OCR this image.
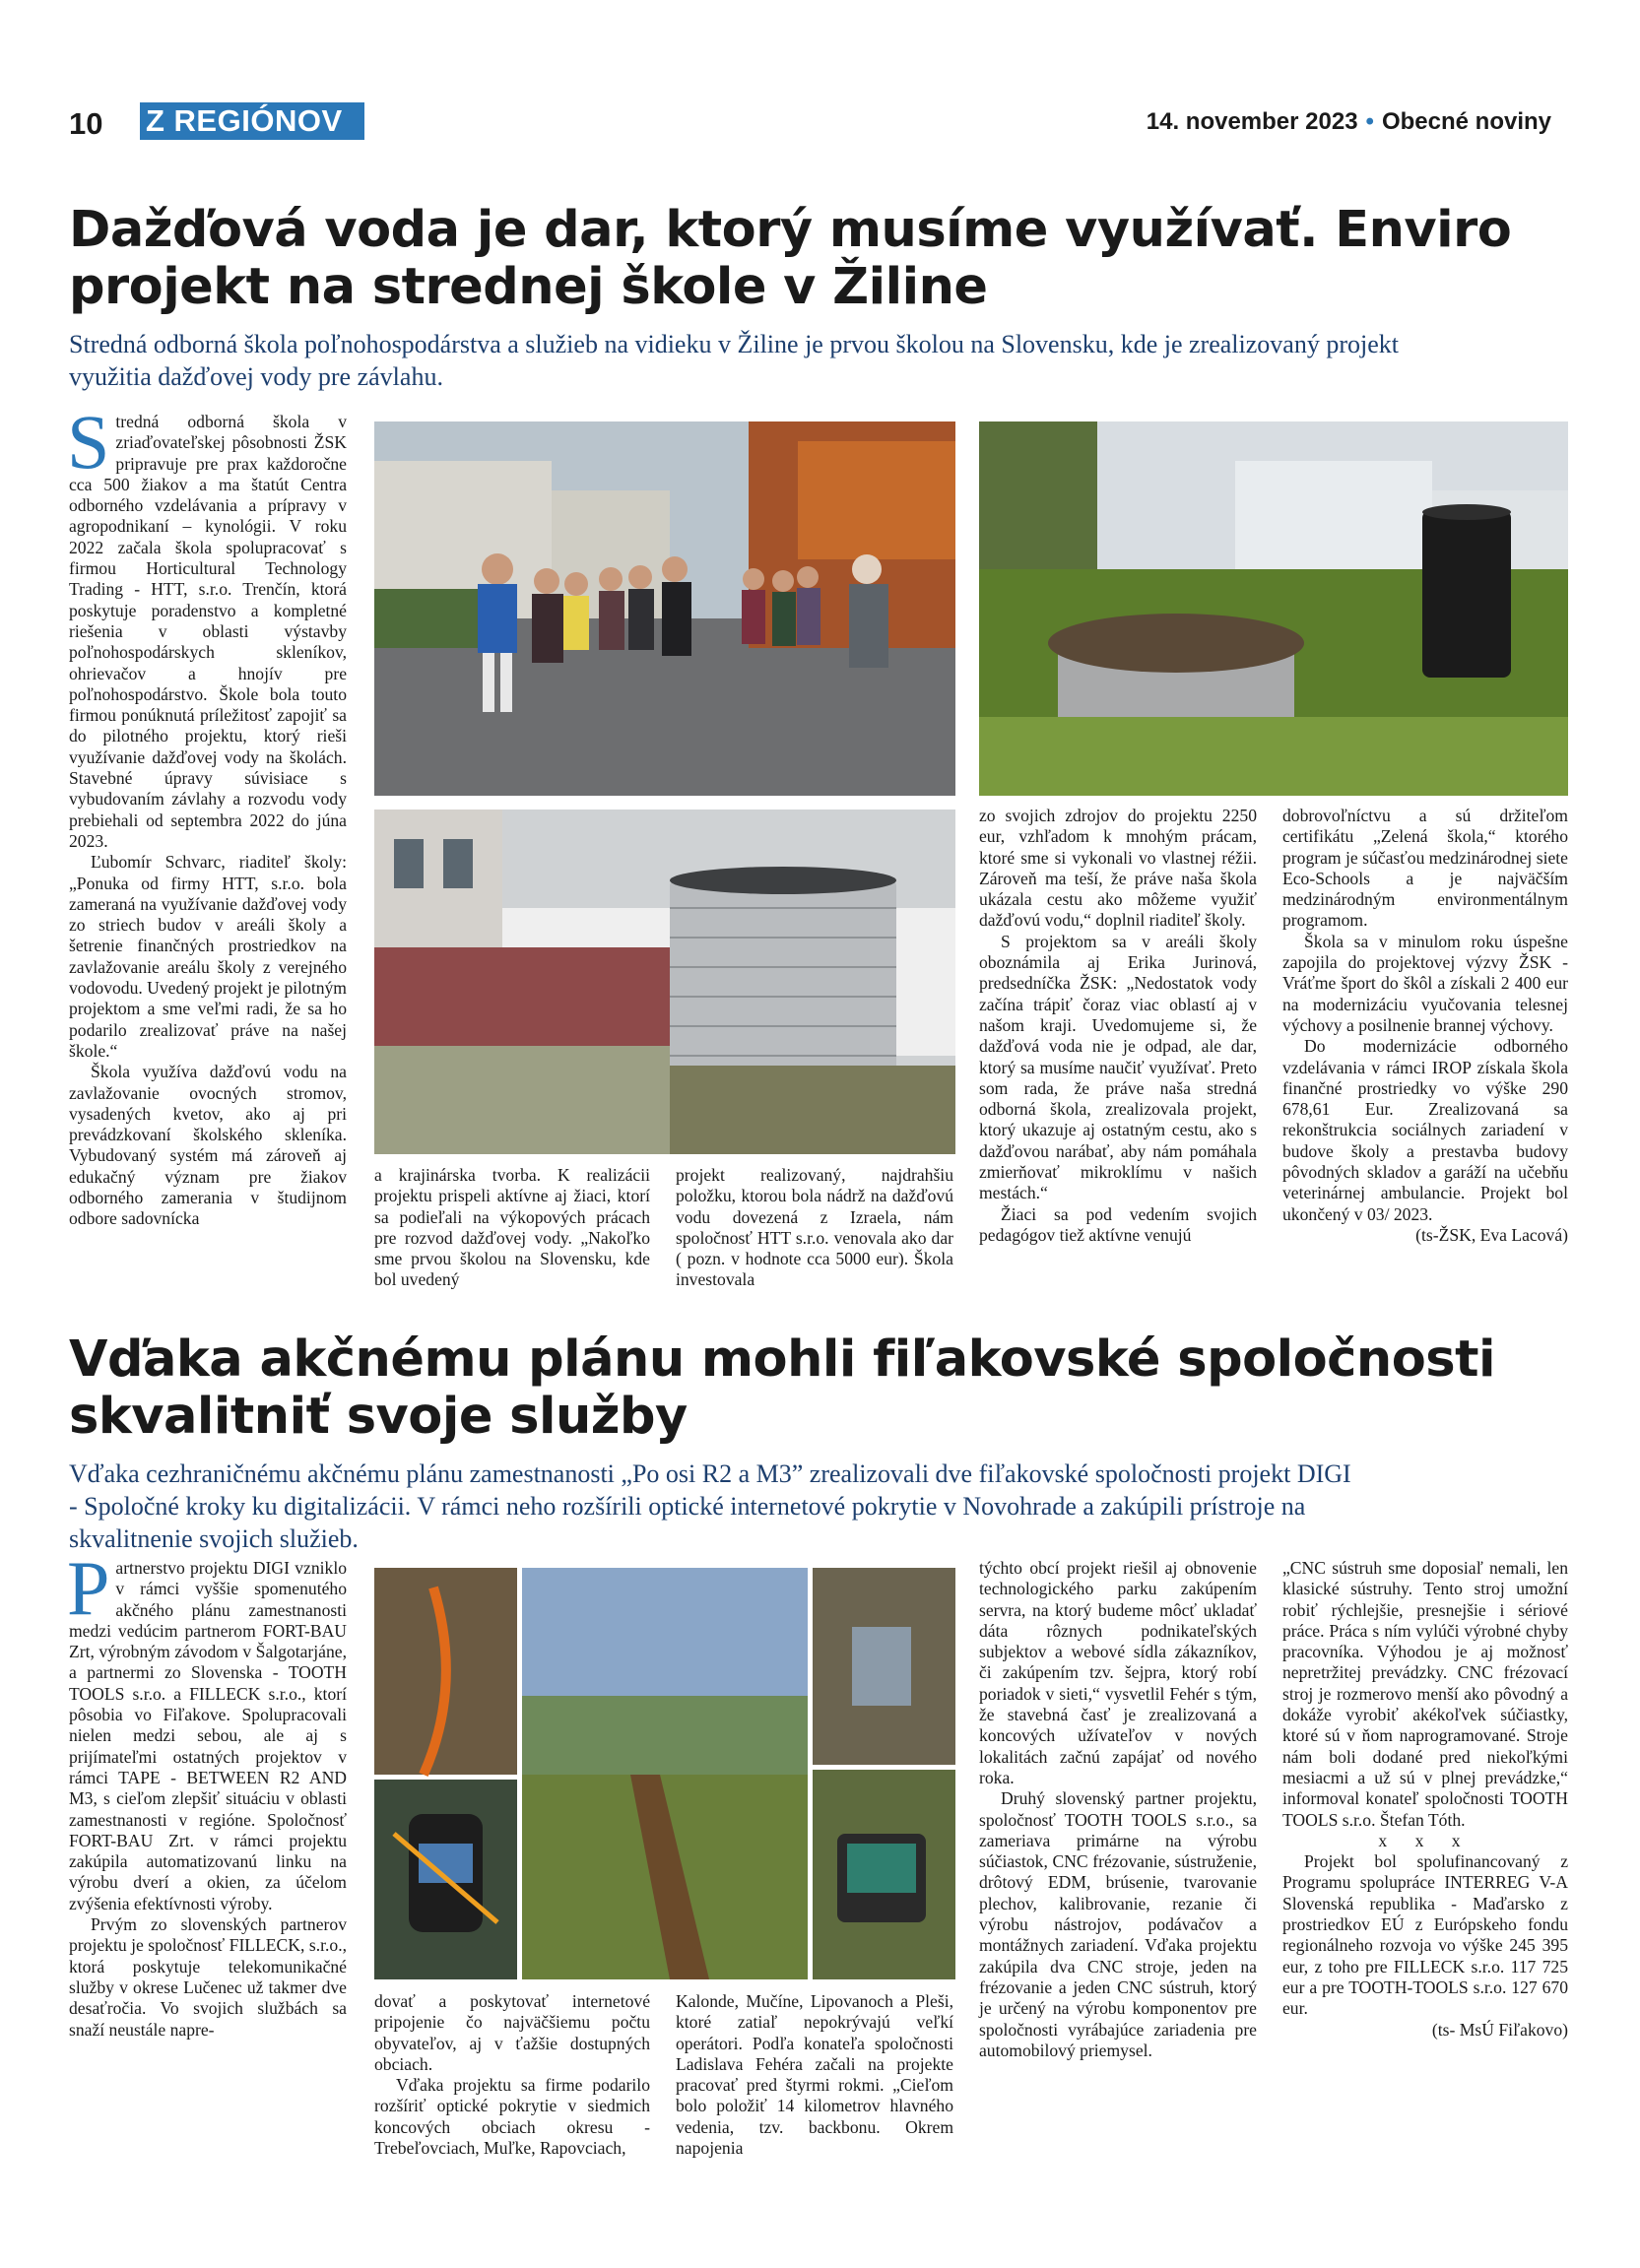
10 Z REGIÓNOV	14. november 2023 • Obecné noviny
Dažďová voda je dar, ktorý musíme využívať. Enviro
projekt na strednej škole v Žiline
Stredná odborná škola poľnohospodárstva a služieb na vidieku v Žiline je prvou školou na Slovensku, kde je zrealizovaný projekt
využitia dažďovej vody pre závlahu.

Stredná odborná škola v zriaďovateľskej pôsobnosti ŽSK pripravuje pre prax každoročne cca 500 žiakov a ma štatút Centra odborného vzdelávania a prípravy v agropodnikaní – kynológii. V roku 2022 začala škola spolupracovať s firmou Horticultural Technology Trading - HTT, s.r.o. Trenčín, ktorá poskytuje poradenstvo a kompletné riešenia v oblasti výstavby poľnohospodárskych skleníkov, ohrievačov a hnojív pre poľnohospodárstvo. Škole bola touto firmou ponúknutá príležitosť zapojiť sa do pilotného projektu, ktorý rieši využívanie dažďovej vody na školách. Stavebné úpravy súvisiace s vybudovaním závlahy a rozvodu vody prebiehali od septembra 2022 do júna 2023.

Ľubomír Schvarc, riaditeľ školy: „Ponuka od firmy HTT, s.r.o. bola zameraná na využívanie dažďovej vody zo striech budov v areáli školy a šetrenie finančných prostriedkov na zavlažovanie areálu školy z verejného vodovodu. Uvedený projekt je pilotným projektom a sme veľmi radi, že sa ho podarilo zrealizovať práve na našej škole.“

Škola využíva dažďovú vodu na zavlažovanie ovocných stromov, vysadených kvetov, ako aj pri prevádzkovaní školského skleníka. Vybudovaný systém má zároveň aj edukačný význam pre žiakov odborného zamerania v študijnom odbore sadovnícka

a krajinárska tvorba. K realizácii projektu prispeli aktívne aj žiaci, ktorí sa podieľali na výkopových prácach pre rozvod dažďovej vody. „Nakoľko sme prvou školou na Slovensku, kde bol uvedený

projekt realizovaný, najdrahšiu položku, ktorou bola nádrž na dažďovú vodu dovezená z Izraela, nám spoločnosť HTT s.r.o. venovala ako dar ( pozn. v hodnote cca 5000 eur). Škola investovala

zo svojich zdrojov do projektu 2250 eur, vzhľadom k mnohým prácam, ktoré sme si vykonali vo vlastnej réžii. Zároveň ma teší, že práve naša škola ukázala cestu ako môžeme využiť dažďovú vodu,“ doplnil riaditeľ školy.

S projektom sa v areáli školy oboznámila aj Erika Jurinová, predsedníčka ŽSK: „Nedostatok vody začína trápiť čoraz viac oblastí aj v našom kraji. Uvedomujeme si, že dažďová voda nie je odpad, ale dar, ktorý sa musíme naučiť využívať. Preto som rada, že práve naša stredná odborná škola, zrealizovala projekt, ktorý ukazuje aj ostatným cestu, ako s dažďovou narábať, aby nám pomáhala zmierňovať mikroklímu v našich mestách.“

Žiaci sa pod vedením svojich pedagógov tiež aktívne venujú

dobrovoľníctvu a sú držiteľom certifikátu „Zelená škola,“ ktorého program je súčasťou medzinárodnej siete Eco-Schools a je najväčším medzinárodným environmentálnym programom.

Škola sa v minulom roku úspešne zapojila do projektovej výzvy ŽSK - Vráťme šport do škôl a získali 2 400 eur na modernizáciu vyučovania telesnej výchovy a posilnenie brannej výchovy.

Do modernizácie odborného vzdelávania v rámci IROP získala škola finančné prostriedky vo výške 290 678,61 Eur. Zrealizovaná sa rekonštrukcia sociálnych zariadení v budove školy a prestavba budovy pôvodných skladov a garáží na učebňu veterinárnej ambulancie. Projekt bol ukončený v 03/ 2023.

(ts-ŽSK, Eva Lacová)
Vďaka akčnému plánu mohli fiľakovské spoločnosti
skvalitniť svoje služby
Vďaka cezhraničnému akčnému plánu zamestnanosti „Po osi R2 a M3” zrealizovali dve fiľakovské spoločnosti projekt DIGI
- Spoločné kroky ku digitalizácii. V rámci neho rozšírili optické internetové pokrytie v Novohrade a zakúpili prístroje na
skvalitnenie svojich služieb.

Partnerstvo projektu DIGI vzniklo v rámci vyššie spomenutého akčného plánu zamestnanosti medzi vedúcim partnerom FORT-BAU Zrt, výrobným závodom v Šalgotarjáne, a partnermi zo Slovenska - TOOTH TOOLS s.r.o. a FILLECK s.r.o., ktorí pôsobia vo Fiľakove. Spolupracovali nielen medzi sebou, ale aj s prijímateľmi ostatných projektov v rámci TAPE - BETWEEN R2 AND M3, s cieľom zlepšiť situáciu v oblasti zamestnanosti v regióne. Spoločnosť FORT-BAU Zrt. v rámci projektu zakúpila automatizovanú linku na výrobu dverí a okien, za účelom zvýšenia efektívnosti výroby.

Prvým zo slovenských partnerov projektu je spoločnosť FILLECK, s.r.o., ktorá poskytuje telekomunikačné služby v okrese Lučenec už takmer dve desaťročia. Vo svojich službách sa snaží neustále napre-

dovať a poskytovať internetové pripojenie čo najväčšiemu počtu obyvateľov, aj v ťažšie dostupných obciach.

Vďaka projektu sa firme podarilo rozšíriť optické pokrytie v siedmich koncových obciach okresu - Trebeľovciach, Muľke, Rapovciach,

Kalonde, Mučíne, Lipovanoch a Pleši, ktoré zatiaľ nepokrývajú veľkí operátori. Podľa konateľa spoločnosti Ladislava Fehéra začali na projekte pracovať pred štyrmi rokmi. „Cieľom bolo položiť 14 kilometrov hlavného vedenia, tzv. backbonu. Okrem napojenia

týchto obcí projekt riešil aj obnovenie technologického parku zakúpením servra, na ktorý budeme môcť ukladať dáta rôznych podnikateľských subjektov a webové sídla zákazníkov, či zakúpením tzv. šejpra, ktorý robí poriadok v sieti,“ vysvetlil Fehér s tým, že stavebná časť je zrealizovaná a koncových užívateľov v nových lokalitách začnú zapájať od nového roka.

Druhý slovenský partner projektu, spoločnosť TOOTH TOOLS s.r.o., sa zameriava primárne na výrobu súčiastok, CNC frézovanie, sústruženie, drôtový EDM, brúsenie, tvarovanie plechov, kalibrovanie, rezanie či výrobu nástrojov, podávačov a montážnych zariadení. Vďaka projektu zakúpila dva CNC stroje, jeden na frézovanie a jeden CNC sústruh, ktorý je určený na výrobu komponentov pre spoločnosti vyrábajúce zariadenia pre automobilový priemysel.

„CNC sústruh sme doposiaľ nemali, len klasické sústruhy. Tento stroj umožní robiť rýchlejšie, presnejšie i sériové práce. Práca s ním vylúči výrobné chyby pracovníka. Výhodou je aj možnosť nepretržitej prevádzky. CNC frézovací stroj je rozmerovo menší ako pôvodný a dokáže vyrobiť akékoľvek súčiastky, ktoré sú v ňom naprogramované. Stroje nám boli dodané pred niekoľkými mesiacmi a už sú v plnej prevádzke,“ informoval konateľ spoločnosti TOOTH TOOLS s.r.o. Štefan Tóth.

x x x

Projekt bol spolufinancovaný z Programu spolupráce INTERREG V-A Slovenská republika - Maďarsko z prostriedkov EÚ z Európskeho fondu regionálneho rozvoja vo výške 245 395 eur, z toho pre FILLECK s.r.o. 117 725 eur a pre TOOTH-TOOLS s.r.o. 127 670 eur.

(ts- MsÚ Fiľakovo)
